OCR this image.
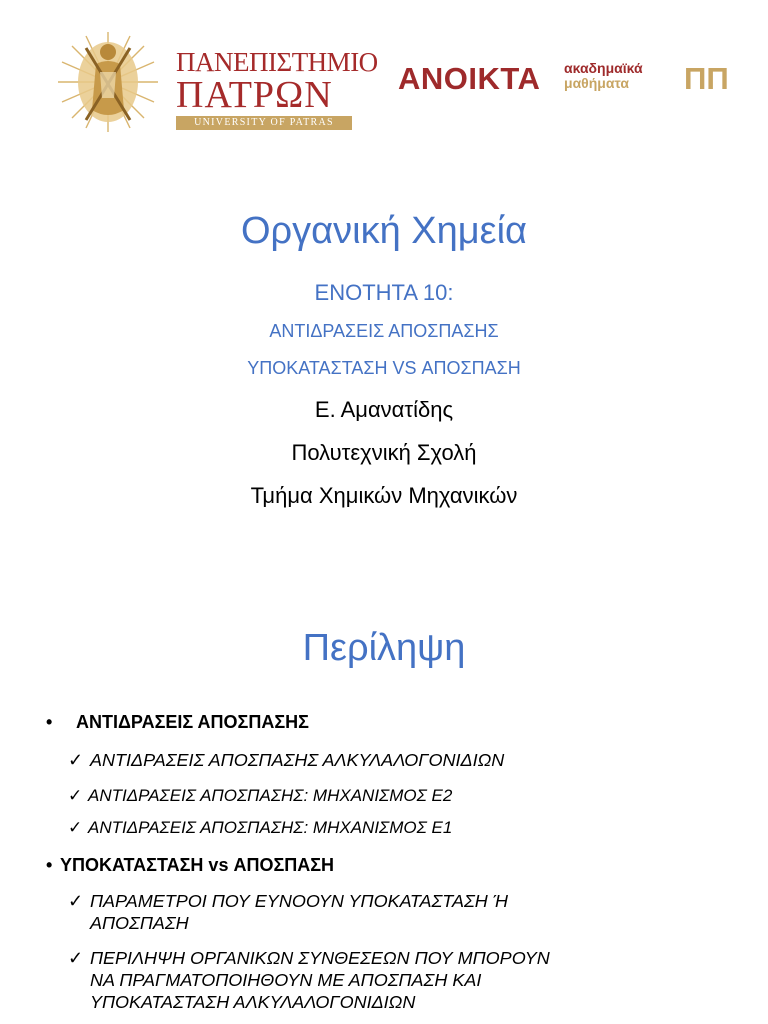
ΠΑΝΕΠΙΣΤΗΜΙΟ
ΠΑΤΡΩΝ
UNIVERSITY OF PATRAS
ΑΝΟΙΚΤΑ ακαδημαϊκά
μαθήματα	ΠΠ
Οργανική Χημεία
ΕΝΟΤΗΤΑ 10:
ΑΝΤΙΔΡΑΣΕΙΣ ΑΠΟΣΠΑΣΗΣ
ΥΠΟΚΑΤΑΣΤΑΣΗ VS ΑΠΟΣΠΑΣΗ
Ε. Αμανατίδης
Πολυτεχνική Σχολή
Τμήμα Χημικών Μηχανικών
Περίληψη
• ΑΝΤΙΔΡΑΣΕΙΣ ΑΠΟΣΠΑΣΗΣ
✓ ΑΝΤΙΔΡΑΣΕΙΣ ΑΠΟΣΠΑΣΗΣ ΑΛΚΥΛΑΛΟΓΟΝΙΔΙΩΝ
✓ ΑΝΤΙΔΡΑΣΕΙΣ ΑΠΟΣΠΑΣΗΣ: ΜΗΧΑΝΙΣΜΟΣ Ε2
✓ ΑΝΤΙΔΡΑΣΕΙΣ ΑΠΟΣΠΑΣΗΣ: ΜΗΧΑΝΙΣΜΟΣ Ε1
• ΥΠΟΚΑΤΑΣΤΑΣΗ vs ΑΠΟΣΠΑΣΗ
✓ ΠΑΡΑΜΕΤΡΟΙ ΠΟΥ ΕΥΝΟΟΥΝ ΥΠΟΚΑΤΑΣΤΑΣΗ Ή
ΑΠΟΣΠΑΣΗ
✓ ΠΕΡΙΛΗΨΗ ΟΡΓΑΝΙΚΩΝ ΣΥΝΘΕΣΕΩΝ ΠΟΥ ΜΠΟΡΟΥΝ
ΝΑ ΠΡΑΓΜΑΤΟΠΟΙΗΘΟΥΝ ΜΕ ΑΠΟΣΠΑΣΗ ΚΑΙ
ΥΠΟΚΑΤΑΣΤΑΣΗ ΑΛΚΥΛΑΛΟΓΟΝΙΔΙΩΝ
